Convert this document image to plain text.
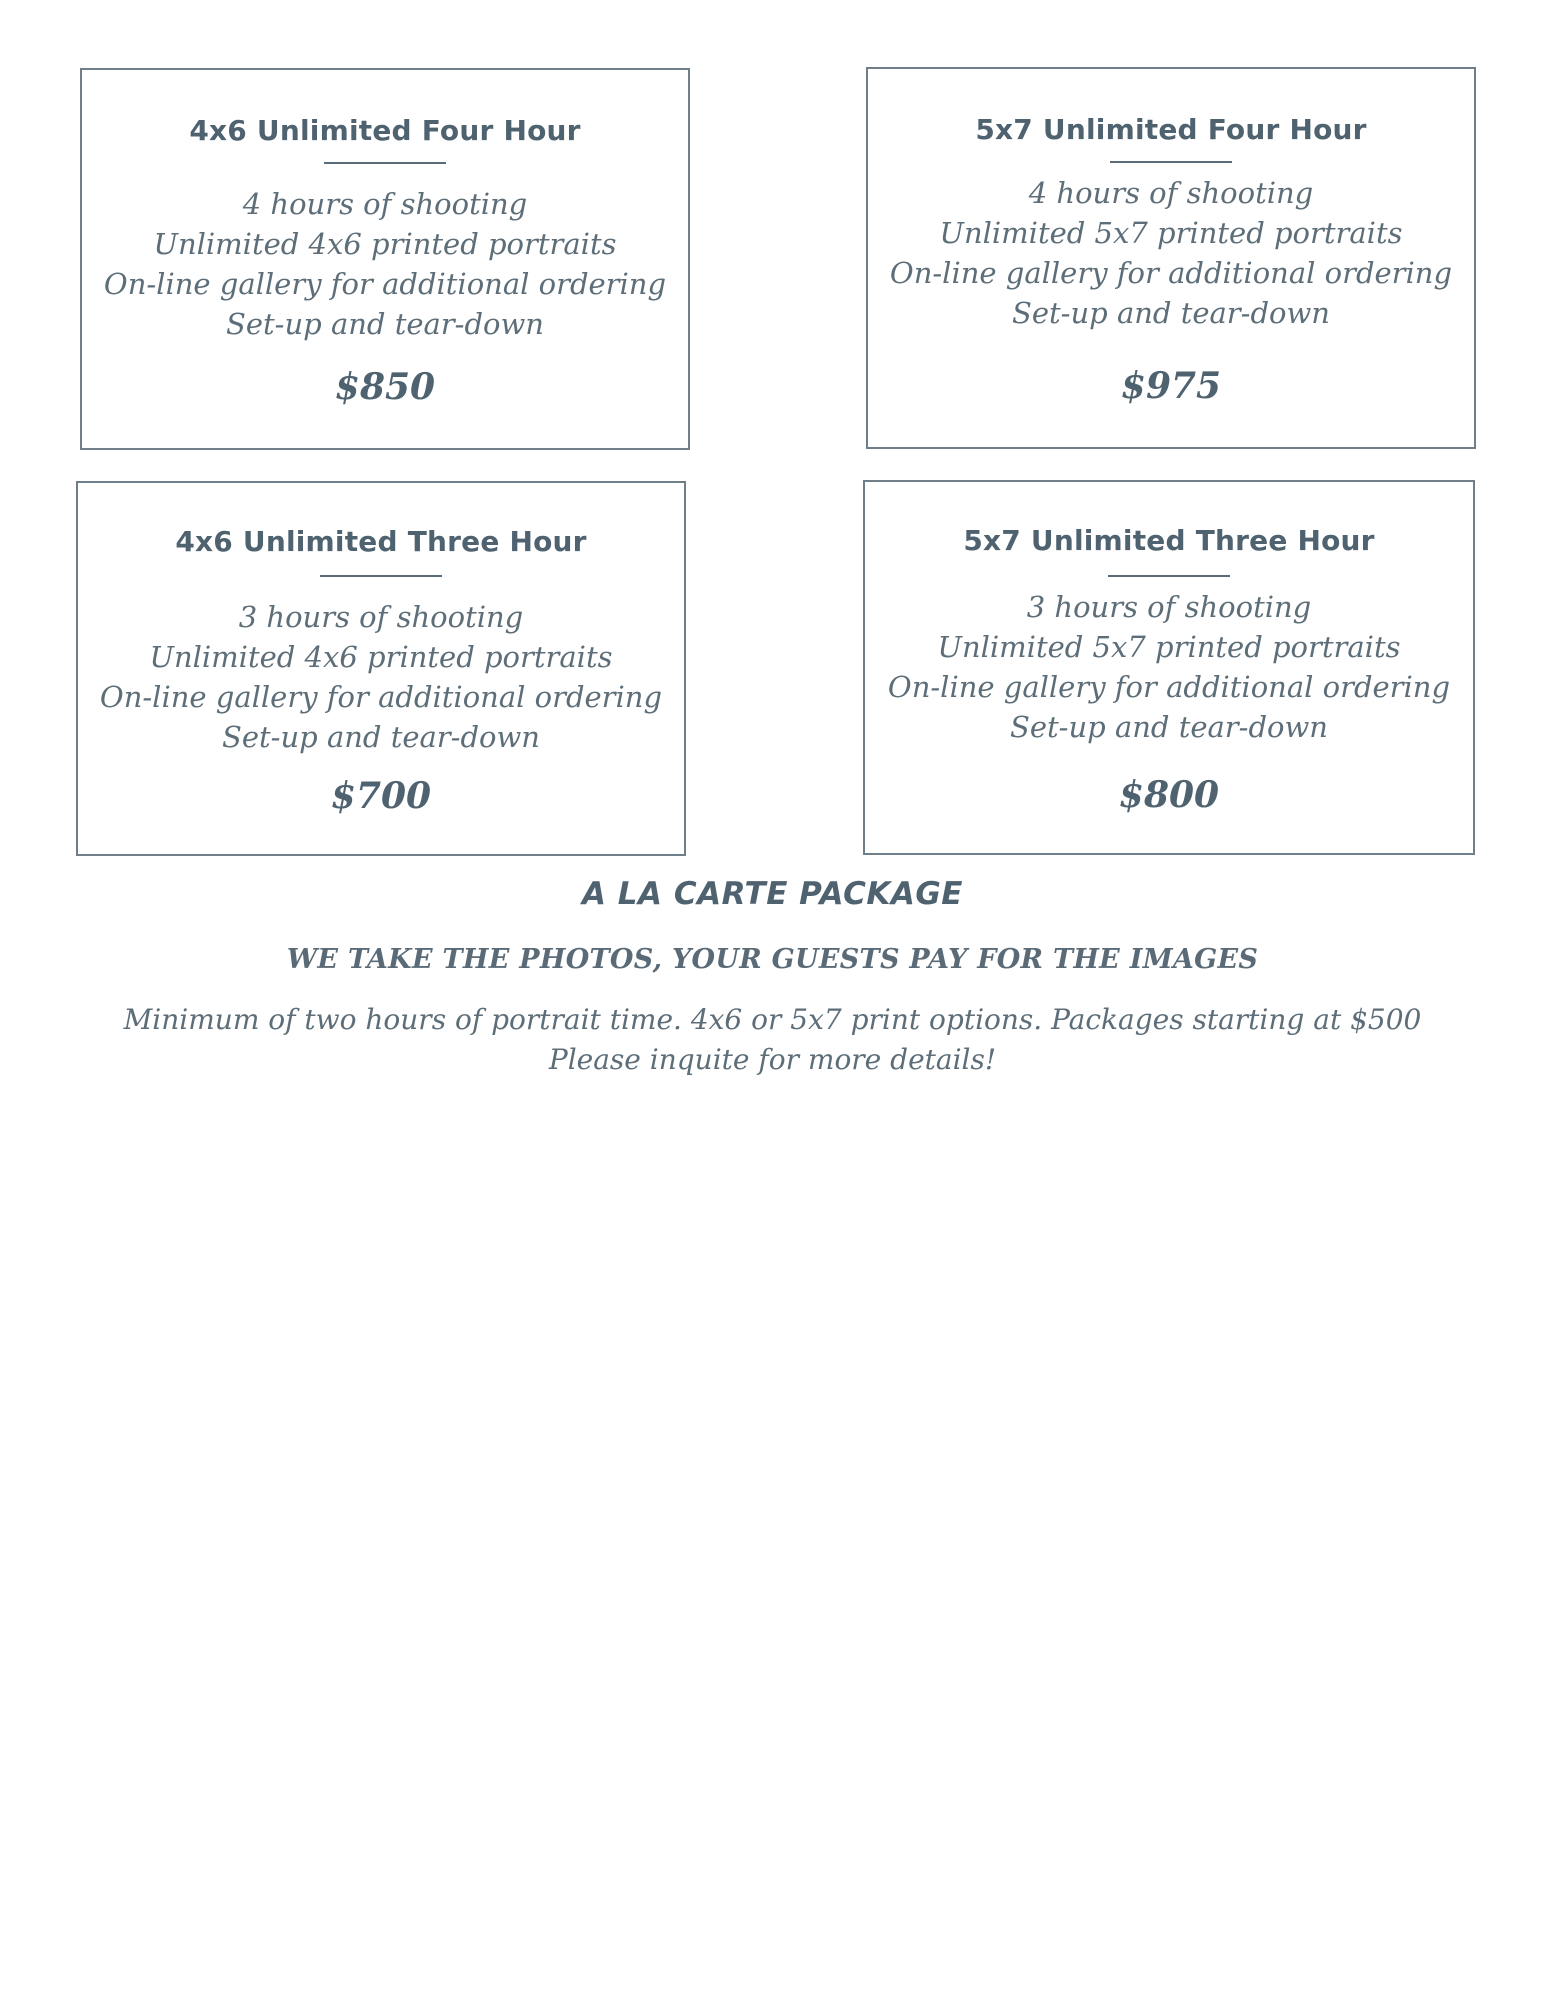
4x6 Unlimited Four Hour
4 hours of shooting
Unlimited 4x6 printed portraits
On-line gallery for additional ordering
Set-up and tear-down

$850

5x7 Unlimited Four Hour
4 hours of shooting
Unlimited 5x7 printed portraits
On-line gallery for additional ordering
Set-up and tear-down

$975

4x6 Unlimited Three Hour
3 hours of shooting
Unlimited 4x6 printed portraits
On-line gallery for additional ordering
Set-up and tear-down

$700

5x7 Unlimited Three Hour
3 hours of shooting
Unlimited 5x7 printed portraits
On-line gallery for additional ordering
Set-up and tear-down

$800

A LA CARTE PACKAGE
WE TAKE THE PHOTOS, YOUR GUESTS PAY FOR THE IMAGES

Minimum of two hours of portrait time. 4x6 or 5x7 print options. Packages starting at $500
Please inquite for more details!
